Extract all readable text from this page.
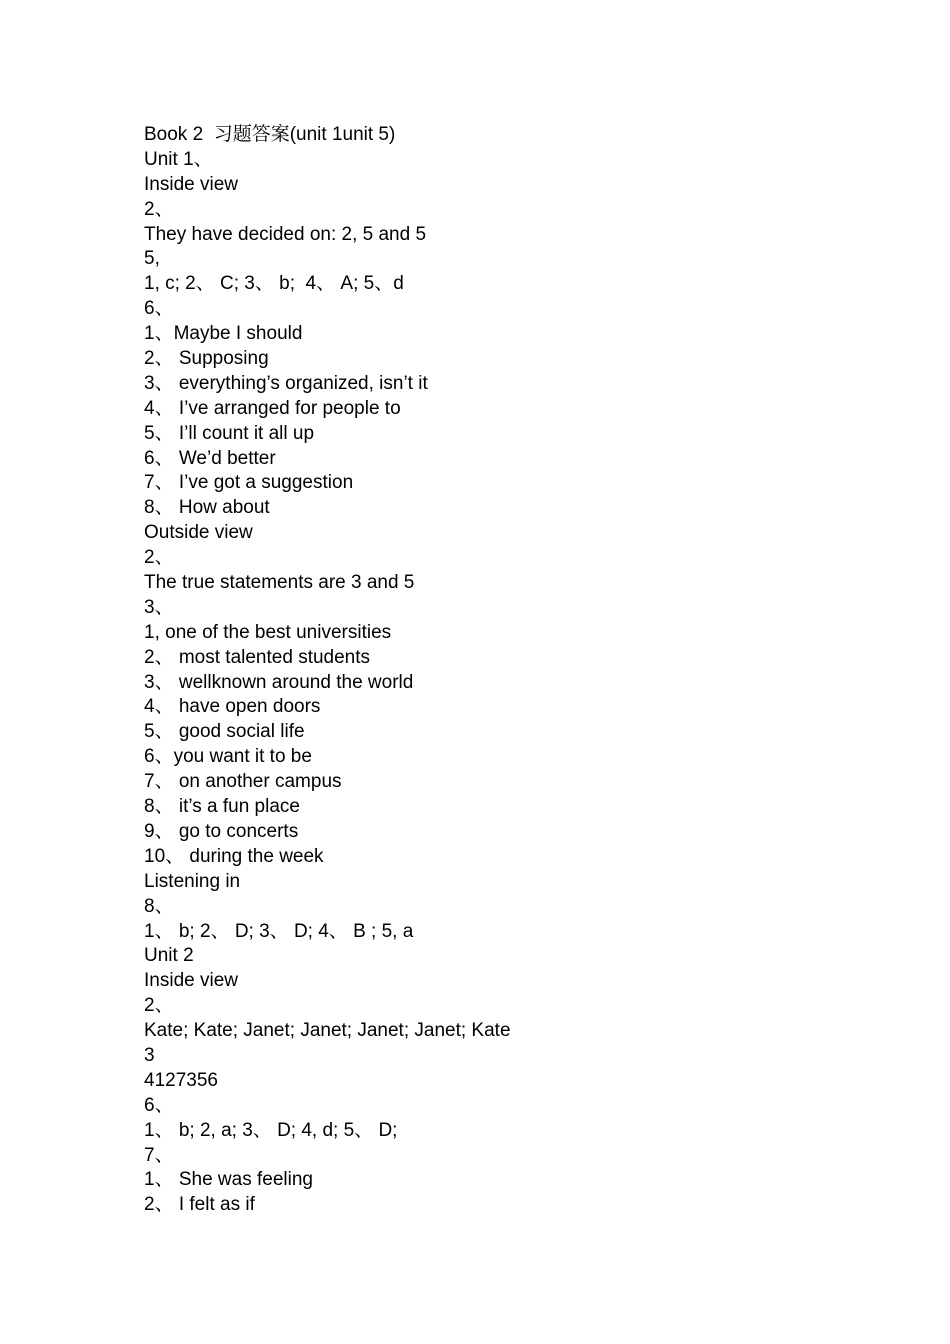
Book 2  习题答案(unit 1unit 5)
Unit 1、
Inside view
2、
They have decided on: 2, 5 and 5
5,
1, c; 2、 C; 3、 b;  4、 A; 5、d
6、
1、Maybe I should
2、 Supposing
3、 everything’s organized, isn’t it
4、 I’ve arranged for people to
5、 I’ll count it all up
6、 We’d better
7、 I’ve got a suggestion
8、 How about
Outside view
2、
The true statements are 3 and 5
3、
1, one of the best universities
2、 most talented students
3、 wellknown around the world
4、 have open doors
5、 good social life
6、you want it to be
7、 on another campus
8、 it’s a fun place
9、 go to concerts
10、 during the week
Listening in
8、
1、 b; 2、 D; 3、 D; 4、 B ; 5, a
Unit 2
Inside view
2、
Kate; Kate; Janet; Janet; Janet; Janet; Kate
3
4127356
6、
1、 b; 2, a; 3、 D; 4, d; 5、 D;
7、
1、 She was feeling
2、 I felt as if
